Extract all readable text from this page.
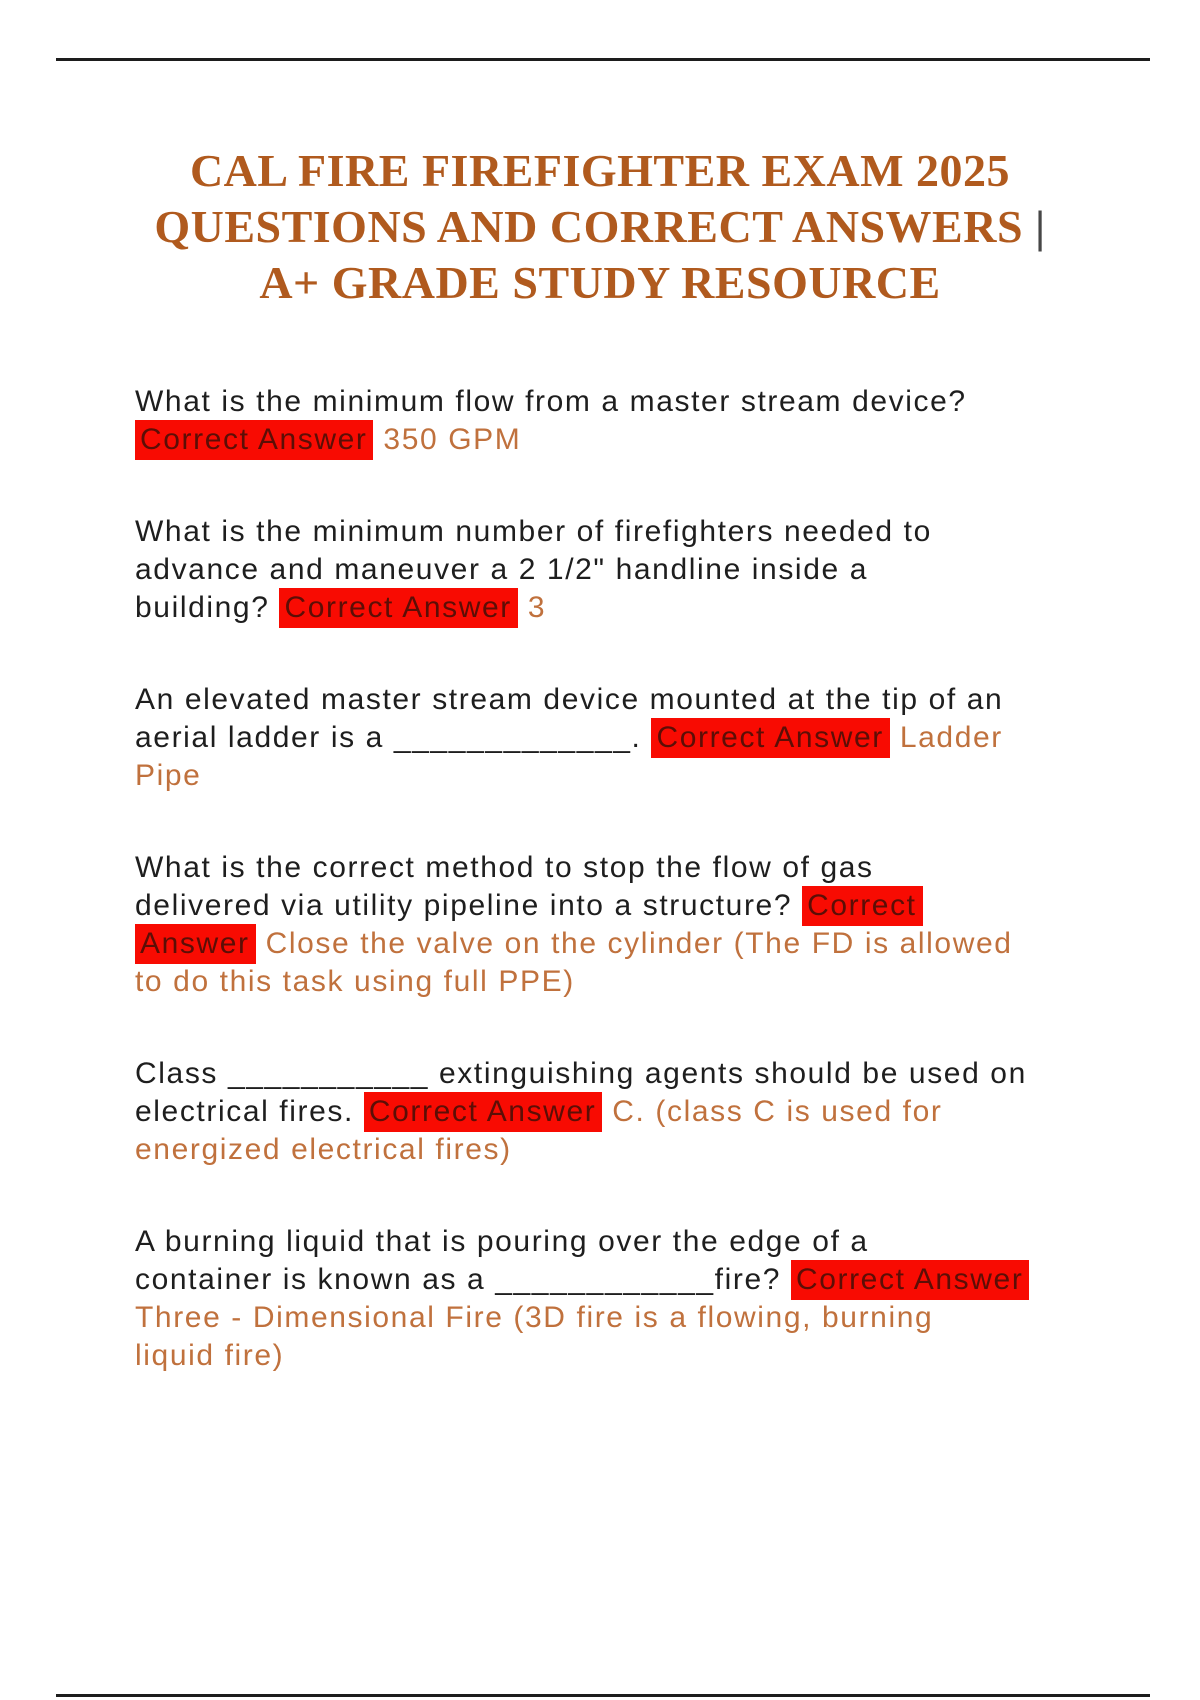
CAL FIRE FIREFIGHTER EXAM 2025
QUESTIONS AND CORRECT ANSWERS |
A+ GRADE STUDY RESOURCE
What is the minimum flow from a master stream device?
Correct Answer 350 GPM
What is the minimum number of firefighters needed to
advance and maneuver a 2 1/2" handline inside a
building? Correct Answer 3
An elevated master stream device mounted at the tip of an
aerial ladder is a _____________. Correct Answer Ladder
Pipe
What is the correct method to stop the flow of gas
delivered via utility pipeline into a structure? Correct
Answer Close the valve on the cylinder (The FD is allowed
to do this task using full PPE)
Class ___________ extinguishing agents should be used on
electrical fires. Correct Answer C. (class C is used for
energized electrical fires)
A burning liquid that is pouring over the edge of a
container is known as a ____________fire? Correct Answer
Three - Dimensional Fire (3D fire is a flowing, burning
liquid fire)
